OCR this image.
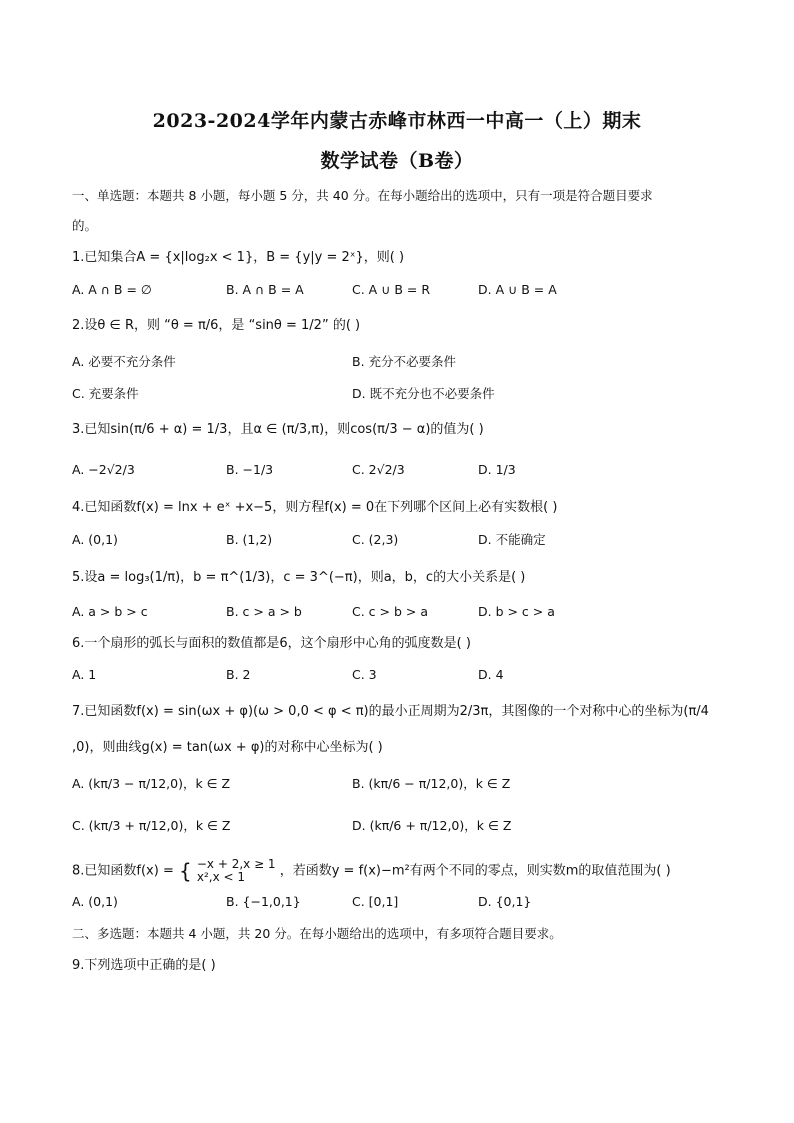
2023-2024学年内蒙古赤峰市林西一中高一（上）期末
数学试卷（B卷）
一、单选题：本题共 8 小题，每小题 5 分，共 40 分。在每小题给出的选项中，只有一项是符合题目要求
的。
1.已知集合A = {x|log₂x < 1}，B = {y|y = 2ˣ}，则( )
A. A ∩ B = ∅	B. A ∩ B = A	C. A ∪ B = R	D. A ∪ B = A
2.设θ ∈ R，则 “θ = π/6，是 “sinθ = 1/2” 的( )
A. 必要不充分条件	B. 充分不必要条件
C. 充要条件	D. 既不充分也不必要条件
3.已知sin(π/6 + α) = 1/3，且α ∈ (π/3,π)，则cos(π/3 − α)的值为( )
A. −2√2/3	B. −1/3	C. 2√2/3	D. 1/3
4.已知函数f(x) = lnx + eˣ +x−5，则方程f(x) = 0在下列哪个区间上必有实数根( )
A. (0,1)	B. (1,2)	C. (2,3)	D. 不能确定
5.设a = log₃(1/π)，b = π^(1/3)，c = 3^(−π)，则a，b，c的大小关系是( )
A. a > b > c	B. c > a > b	C. c > b > a	D. b > c > a
6.一个扇形的弧长与面积的数值都是6，这个扇形中心角的弧度数是( )
A. 1	B. 2	C. 3	D. 4
7.已知函数f(x) = sin(ωx + φ)(ω > 0,0 < φ < π)的最小正周期为2/3π，其图像的一个对称中心的坐标为(π/4
,0)，则曲线g(x) = tan(ωx + φ)的对称中心坐标为( )
A. (kπ/3 − π/12,0)，k ∈ Z	B. (kπ/6 − π/12,0)，k ∈ Z
C. (kπ/3 + π/12,0)，k ∈ Z	D. (kπ/6 + π/12,0)，k ∈ Z
8.已知函数f(x) = { −x + 2,x ≥ 1
x²,x < 1	，若函数y = f(x)−m²有两个不同的零点，则实数m的取值范围为( )
A. (0,1)	B. {−1,0,1}	C. [0,1]	D. {0,1}
二、多选题：本题共 4 小题，共 20 分。在每小题给出的选项中，有多项符合题目要求。
9.下列选项中正确的是( )
